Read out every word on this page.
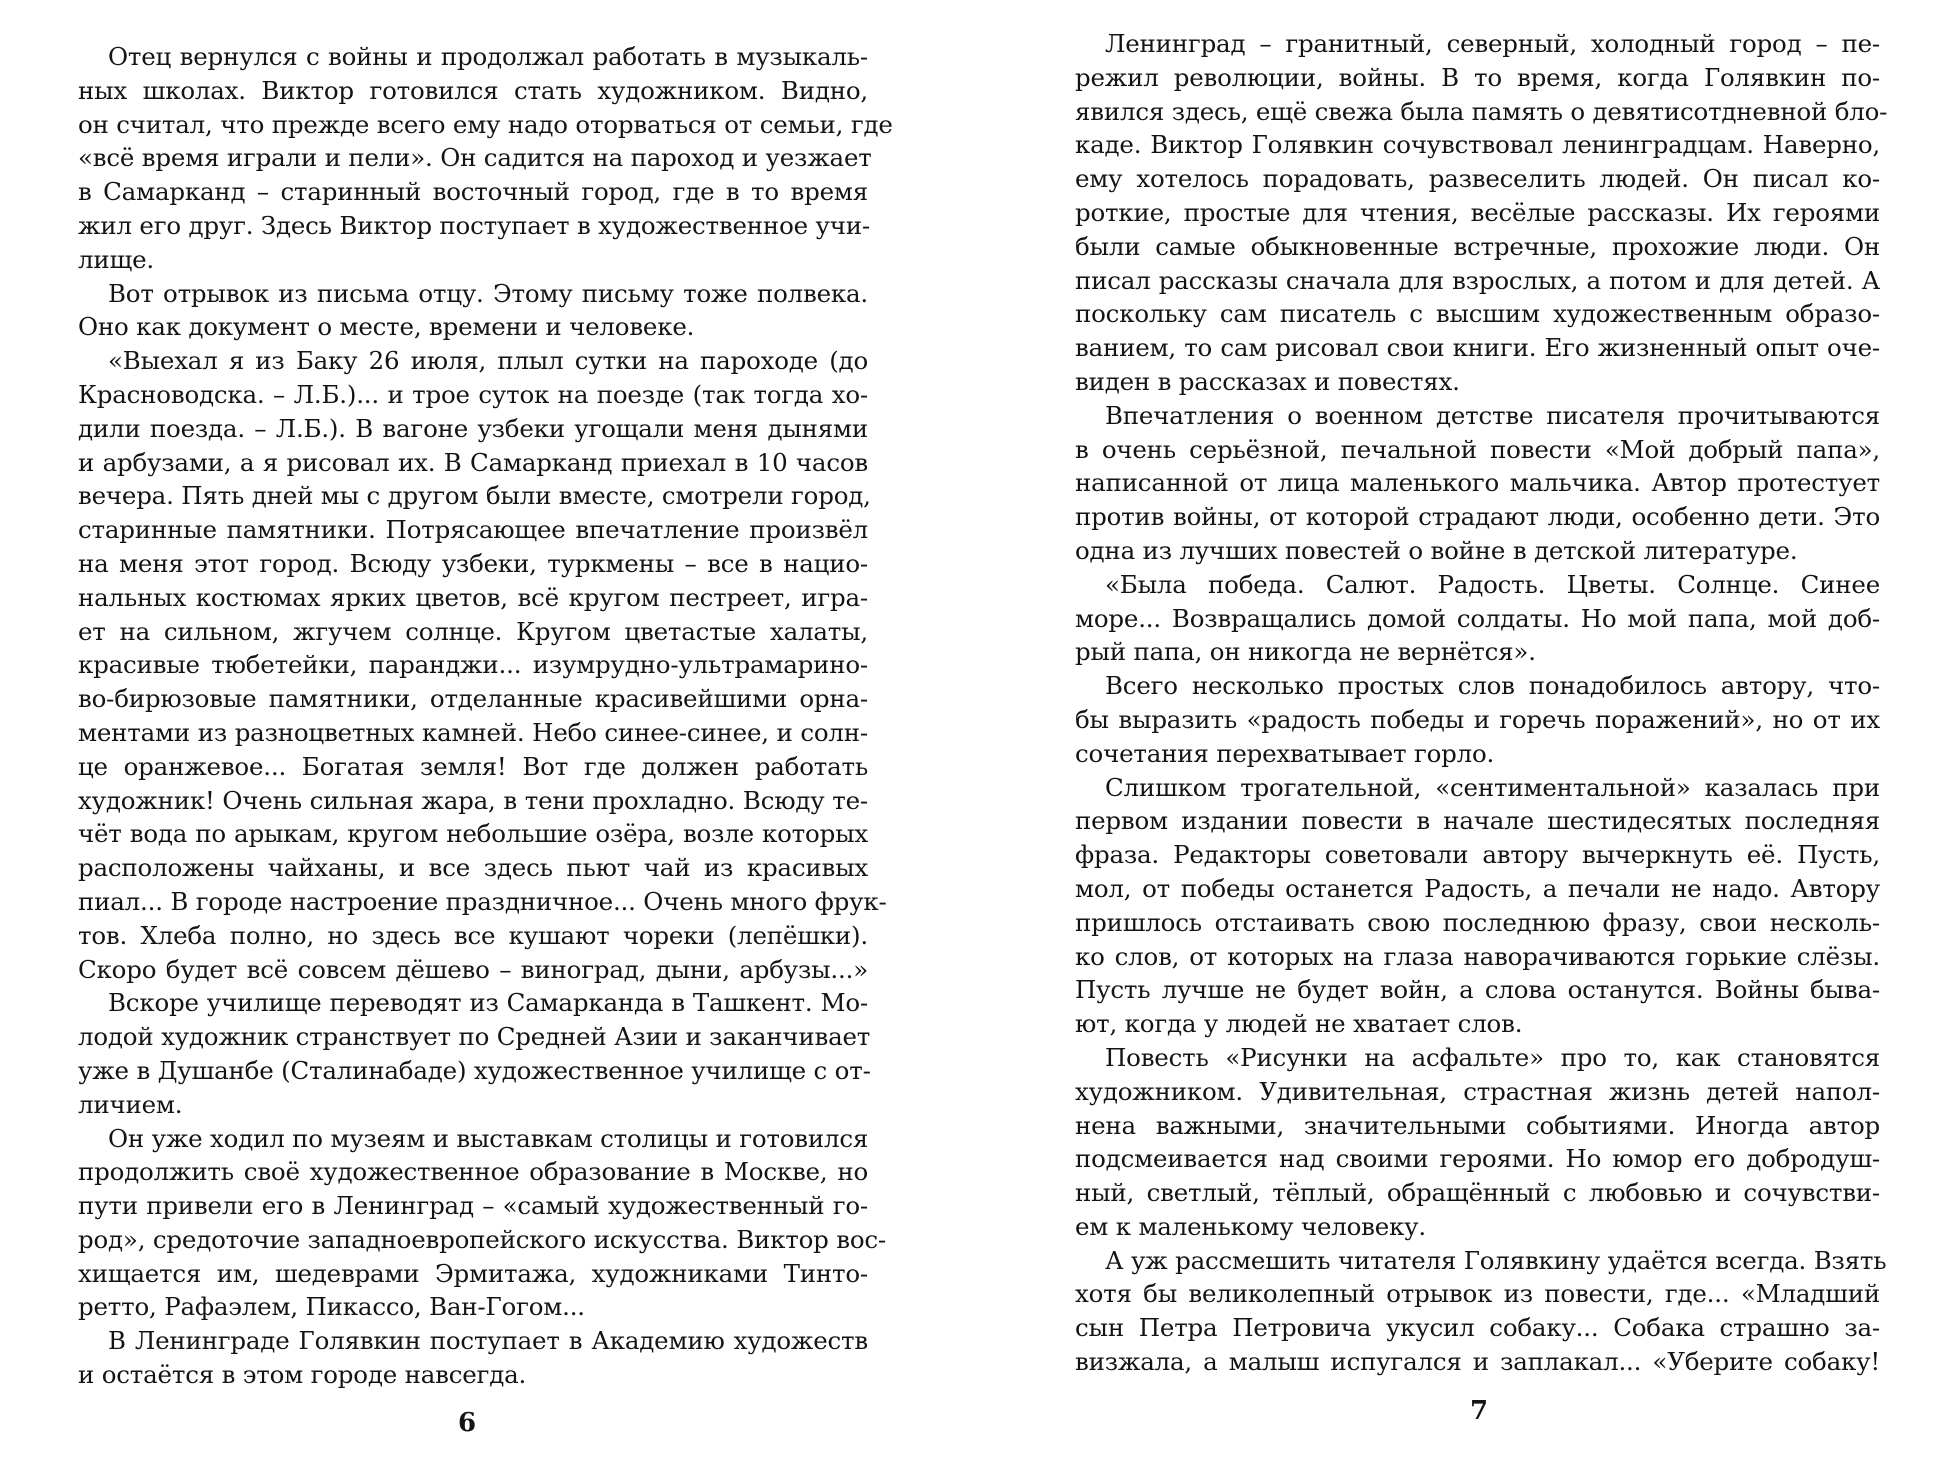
Отец вернулся с войны и продолжал работать в музыкаль-
ных школах. Виктор готовился стать художником. Видно,
он считал, что прежде всего ему надо оторваться от семьи, где
«всё время играли и пели». Он садится на пароход и уезжает
в Самарканд – старинный восточный город, где в то время
жил его друг. Здесь Виктор поступает в художественное учи-
лище.
Вот отрывок из письма отцу. Этому письму тоже полвека.
Оно как документ о месте, времени и человеке.
«Выехал я из Баку 26 июля, плыл сутки на пароходе (до
Красноводска. – Л.Б.)... и трое суток на поезде (так тогда хо-
дили поезда. – Л.Б.). В вагоне узбеки угощали меня дынями
и арбузами, а я рисовал их. В Самарканд приехал в 10 часов
вечера. Пять дней мы с другом были вместе, смотрели город,
старинные памятники. Потрясающее впечатление произвёл
на меня этот город. Всюду узбеки, туркмены – все в нацио-
нальных костюмах ярких цветов, всё кругом пестреет, игра-
ет на сильном, жгучем солнце. Кругом цветастые халаты,
красивые тюбетейки, паранджи... изумрудно-ультрамарино-
во-бирюзовые памятники, отделанные красивейшими орна-
ментами из разноцветных камней. Небо синее-синее, и солн-
це оранжевое... Богатая земля! Вот где должен работать
художник! Очень сильная жара, в тени прохладно. Всюду те-
чёт вода по арыкам, кругом небольшие озёра, возле которых
расположены чайханы, и все здесь пьют чай из красивых
пиал... В городе настроение праздничное... Очень много фрук-
тов. Хлеба полно, но здесь все кушают чореки (лепёшки).
Скоро будет всё совсем дёшево – виноград, дыни, арбузы...»
Вскоре училище переводят из Самарканда в Ташкент. Мо-
лодой художник странствует по Средней Азии и заканчивает
уже в Душанбе (Сталинабаде) художественное училище с от-
личием.
Он уже ходил по музеям и выставкам столицы и готовился
продолжить своё художественное образование в Москве, но
пути привели его в Ленинград – «самый художественный го-
род», средоточие западноевропейского искусства. Виктор вос-
хищается им, шедеврами Эрмитажа, художниками Тинто-
ретто, Рафаэлем, Пикассо, Ван-Гогом...
В Ленинграде Голявкин поступает в Академию художеств
и остаётся в этом городе навсегда.
6
Ленинград – гранитный, северный, холодный город – пе-
режил революции, войны. В то время, когда Голявкин по-
явился здесь, ещё свежа была память о девятисотдневной бло-
каде. Виктор Голявкин сочувствовал ленинградцам. Наверно,
ему хотелось порадовать, развеселить людей. Он писал ко-
роткие, простые для чтения, весёлые рассказы. Их героями
были самые обыкновенные встречные, прохожие люди. Он
писал рассказы сначала для взрослых, а потом и для детей. А
поскольку сам писатель с высшим художественным образо-
ванием, то сам рисовал свои книги. Его жизненный опыт оче-
виден в рассказах и повестях.
Впечатления о военном детстве писателя прочитываются
в очень серьёзной, печальной повести «Мой добрый папа»,
написанной от лица маленького мальчика. Автор протестует
против войны, от которой страдают люди, особенно дети. Это
одна из лучших повестей о войне в детской литературе.
«Была победа. Салют. Радость. Цветы. Солнце. Синее
море... Возвращались домой солдаты. Но мой папа, мой доб-
рый папа, он никогда не вернётся».
Всего несколько простых слов понадобилось автору, что-
бы выразить «радость победы и горечь поражений», но от их
сочетания перехватывает горло.
Слишком трогательной, «сентиментальной» казалась при
первом издании повести в начале шестидесятых последняя
фраза. Редакторы советовали автору вычеркнуть её. Пусть,
мол, от победы останется Радость, а печали не надо. Автору
пришлось отстаивать свою последнюю фразу, свои несколь-
ко слов, от которых на глаза наворачиваются горькие слёзы.
Пусть лучше не будет войн, а слова останутся. Войны быва-
ют, когда у людей не хватает слов.
Повесть «Рисунки на асфальте» про то, как становятся
художником. Удивительная, страстная жизнь детей напол-
нена важными, значительными событиями. Иногда автор
подсмеивается над своими героями. Но юмор его добродуш-
ный, светлый, тёплый, обращённый с любовью и сочувстви-
ем к маленькому человеку.
А уж рассмешить читателя Голявкину удаётся всегда. Взять
хотя бы великолепный отрывок из повести, где... «Младший
сын Петра Петровича укусил собаку... Собака страшно за-
визжала, а малыш испугался и заплакал... «Уберите собаку!
7
